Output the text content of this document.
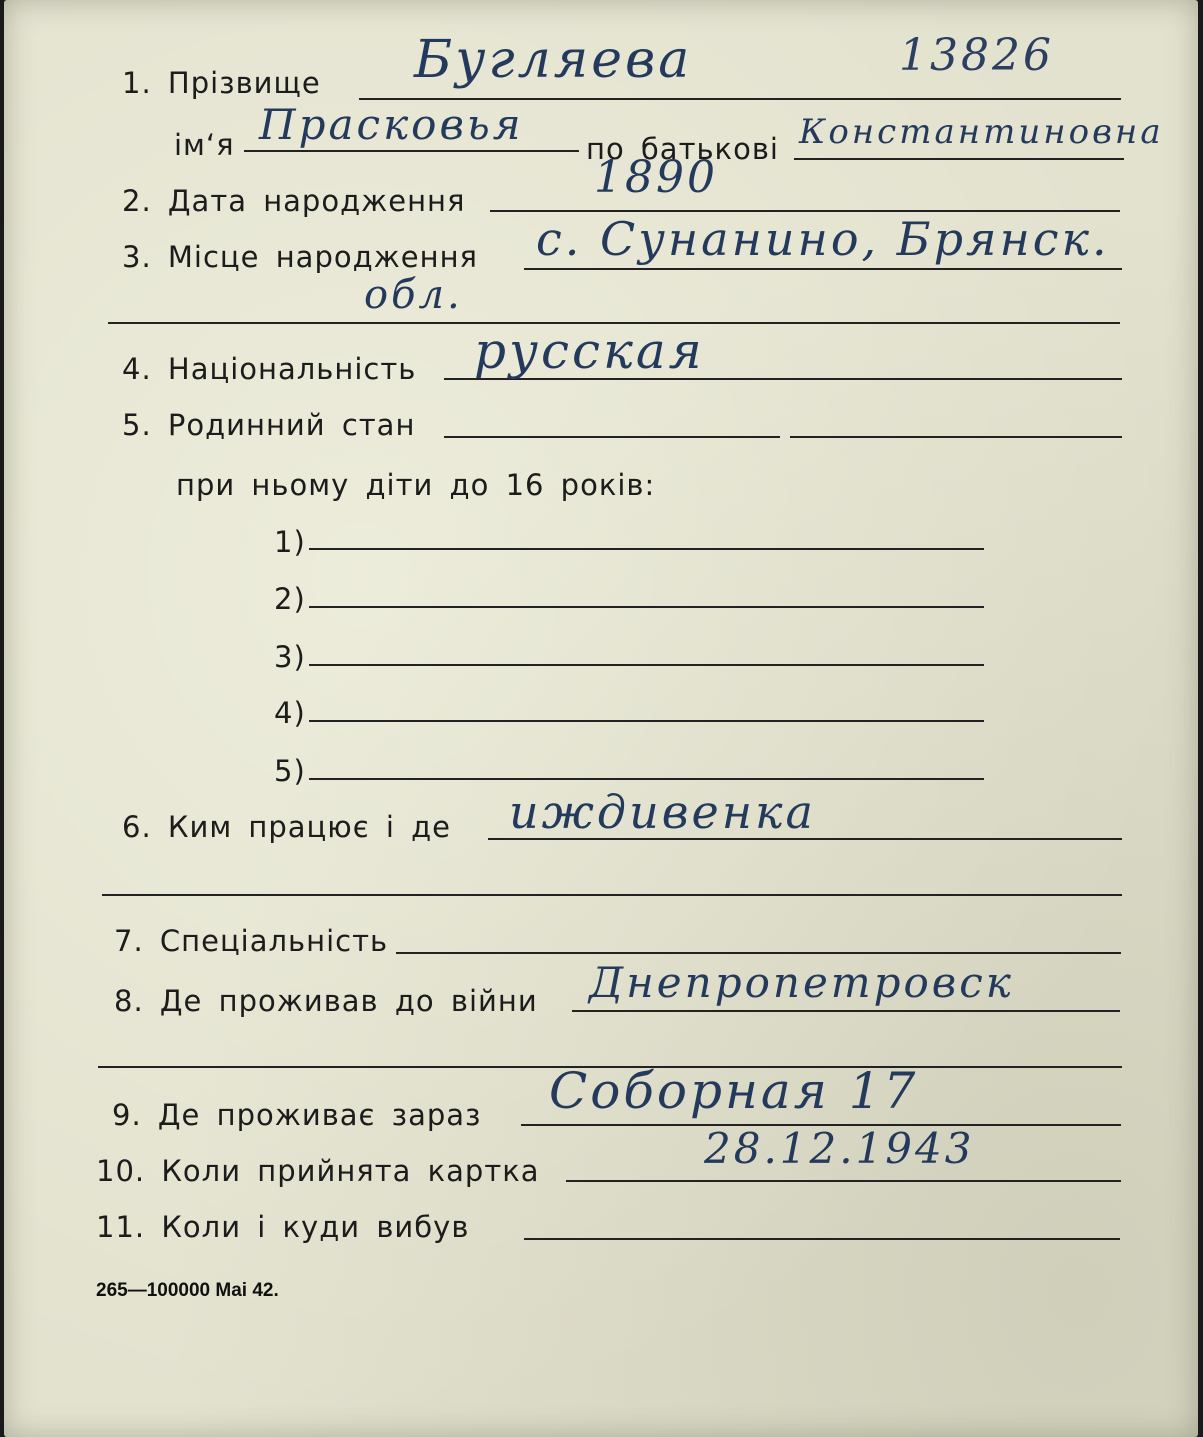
1. Прізвище Бугляева	13826
ім‘я Прасковья по батькові Константиновна
2. Дата народження	1890
3. Місце народження с. Сунанино, Брянск.
обл.
4. Національність русская
5. Родинний стан
при ньому діти до 16 років:
1)
2)
3)
4)
5)
6. Ким працює і де иждивенка
7. Спеціальність
8. Де проживав до війни Днепропетровск
9. Де проживає зараз Соборная 17
10. Коли прийнята картка	28.12.1943
11. Коли і куди вибув
265—100000 Mai 42.
